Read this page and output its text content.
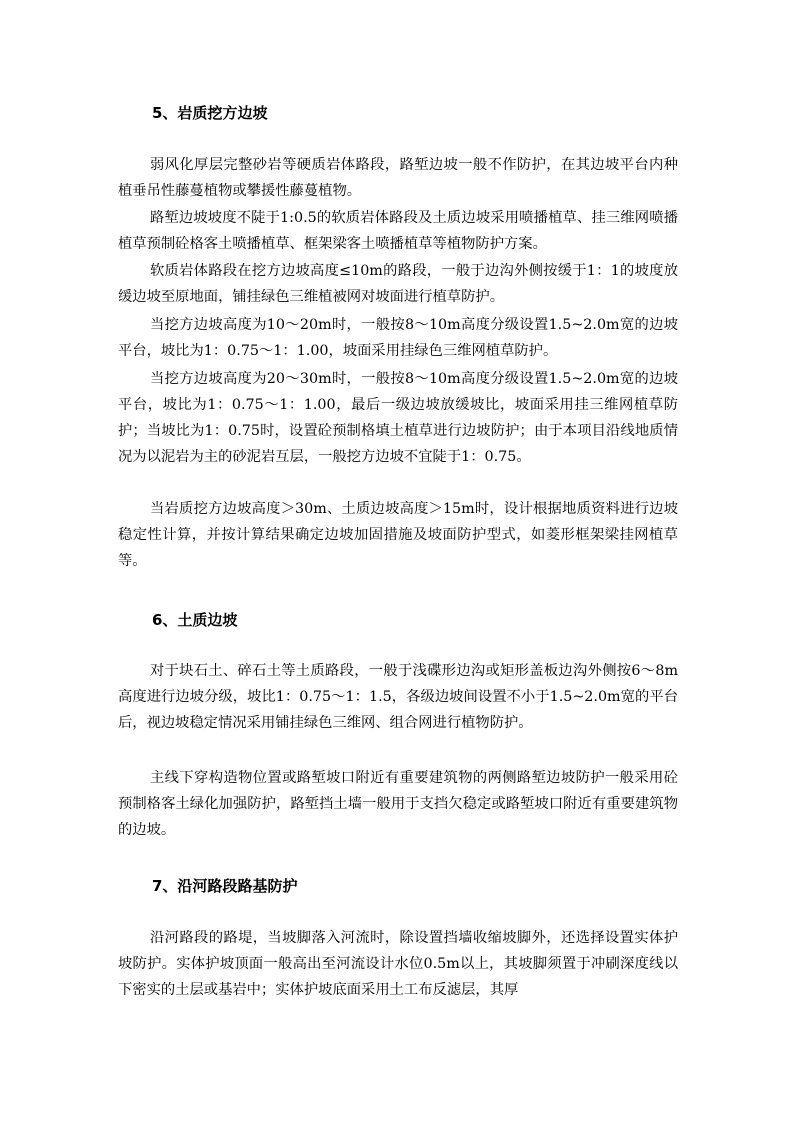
5、岩质挖方边坡

弱风化厚层完整砂岩等硬质岩体路段，路堑边坡一般不作防护，在其边坡平台内种植垂吊性藤蔓植物或攀援性藤蔓植物。

路堑边坡坡度不陡于1:0.5的软质岩体路段及土质边坡采用喷播植草、挂三维网喷播植草预制砼格客土喷播植草、框架梁客土喷播植草等植物防护方案。

软质岩体路段在挖方边坡高度≤10m的路段，一般于边沟外侧按缓于1：1的坡度放缓边坡至原地面，铺挂绿色三维植被网对坡面进行植草防护。

当挖方边坡高度为10～20m时，一般按8～10m高度分级设置1.5~2.0m宽的边坡平台，坡比为1：0.75～1：1.00，坡面采用挂绿色三维网植草防护。

当挖方边坡高度为20～30m时，一般按8～10m高度分级设置1.5~2.0m宽的边坡平台，坡比为1：0.75～1：1.00，最后一级边坡放缓坡比，坡面采用挂三维网植草防护；当坡比为1：0.75时，设置砼预制格填土植草进行边坡防护；由于本项目沿线地质情况为以泥岩为主的砂泥岩互层，一般挖方边坡不宜陡于1：0.75。

当岩质挖方边坡高度＞30m、土质边坡高度＞15m时，设计根据地质资料进行边坡稳定性计算，并按计算结果确定边坡加固措施及坡面防护型式，如菱形框架梁挂网植草等。

6、土质边坡

对于块石土、碎石土等土质路段，一般于浅碟形边沟或矩形盖板边沟外侧按6～8m高度进行边坡分级，坡比1：0.75～1：1.5，各级边坡间设置不小于1.5~2.0m宽的平台后，视边坡稳定情况采用铺挂绿色三维网、组合网进行植物防护。

主线下穿构造物位置或路堑坡口附近有重要建筑物的两侧路堑边坡防护一般采用砼预制格客土绿化加强防护，路堑挡土墙一般用于支挡欠稳定或路堑坡口附近有重要建筑物的边坡。

7、沿河路段路基防护

沿河路段的路堤，当坡脚落入河流时，除设置挡墙收缩坡脚外，还选择设置实体护坡防护。实体护坡顶面一般高出至河流设计水位0.5m以上，其坡脚须置于冲刷深度线以下密实的土层或基岩中；实体护坡底面采用土工布反滤层，其厚
